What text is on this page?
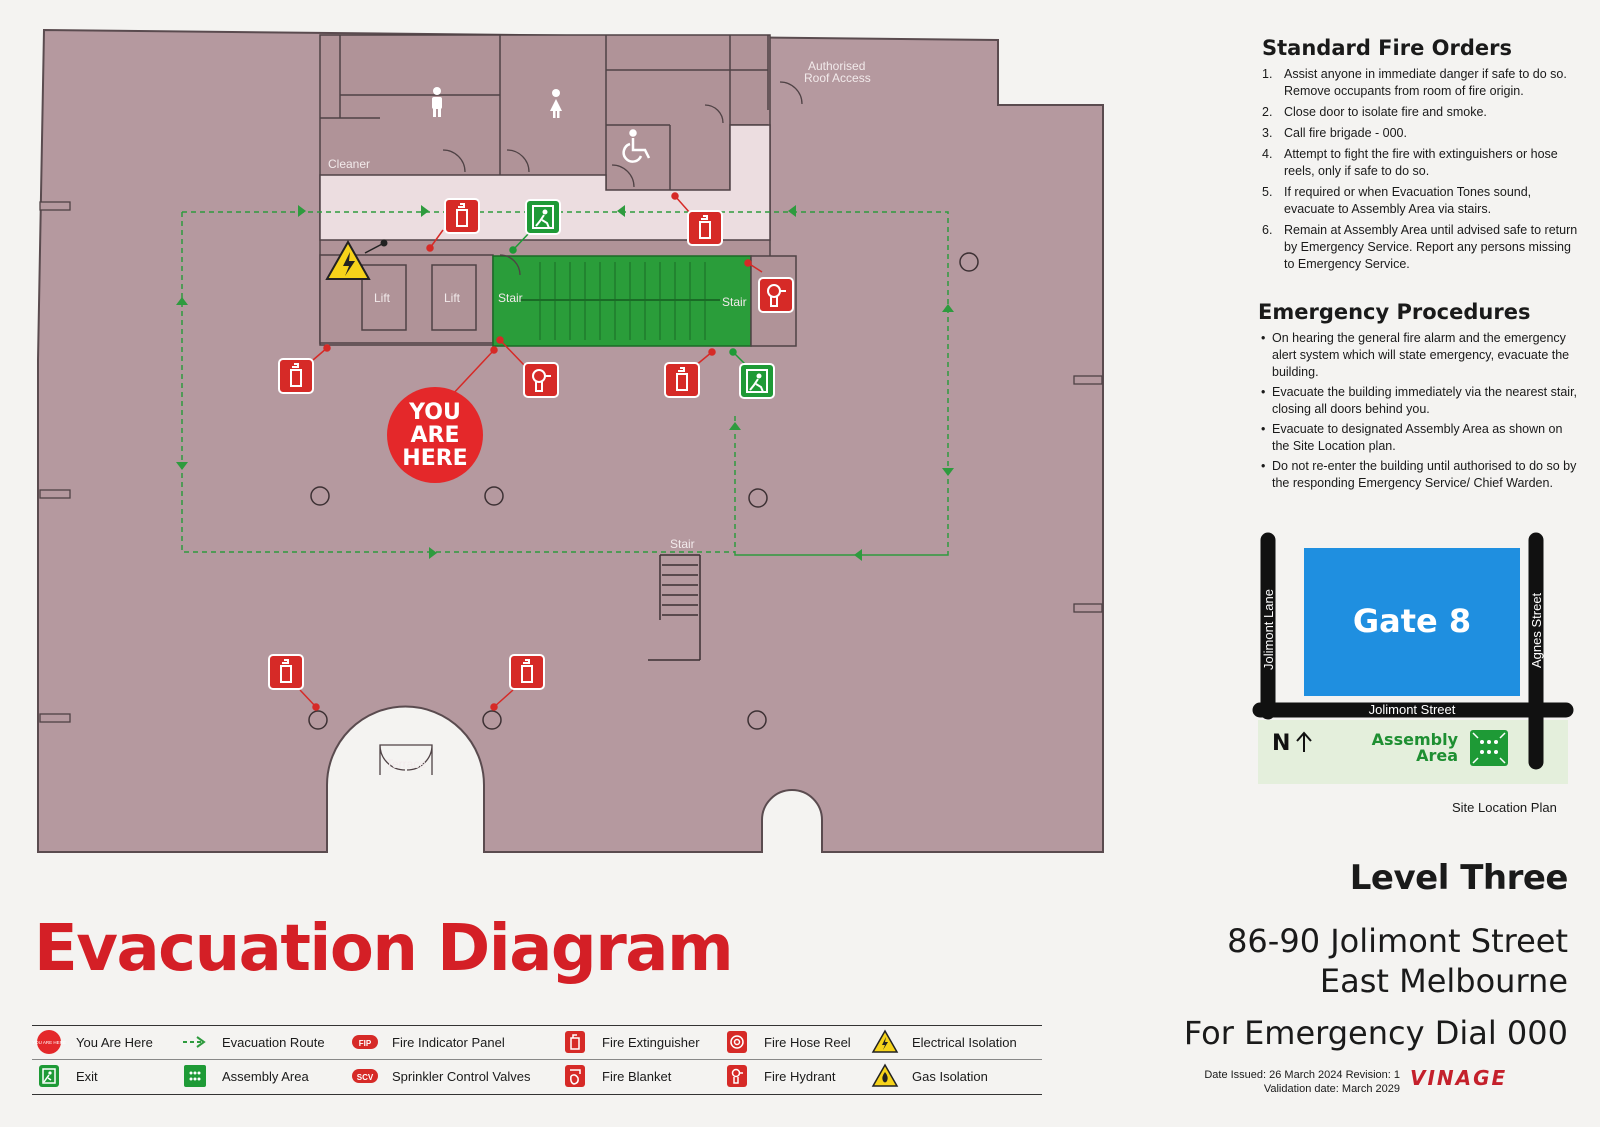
Authorised
Roof Access
Cleaner
Lift	Lift	Stair	Stair
Stair
Terrace
YOU
ARE
HERE
Standard Fire Orders
1. Assist anyone in immediate danger if safe to do so. Remove occupants from room of fire origin.
2. Close door to isolate fire and smoke.
3. Call fire brigade - 000.
4. Attempt to fight the fire with extinguishers or hose reels, only if safe to do so.
5. If required or when Evacuation Tones sound, evacuate to Assembly Area via stairs.
6. Remain at Assembly Area until advised safe to return by Emergency Service. Report any persons missing to Emergency Service.
Emergency Procedures
• On hearing the general fire alarm and the emergency alert system which will state emergency, evacuate the building.
• Evacuate the building immediately via the nearest stair, closing all doors behind you.
• Evacuate to designated Assembly Area as shown on the Site Location plan.
• Do not re-enter the building until authorised to do so by the responding Emergency Service/ Chief Warden.
Gate 8
Jolimont Lane	Agnes Street
Jolimont Street
N	Assembly
Area
Site Location Plan
Level Three
86-90 Jolimont Street
East Melbourne
For Emergency Dial 000
Date Issued: 26 March 2024 Revision: 1
Validation date: March 2029 VINAGE
Evacuation Diagram
YOU ARE HERE You Are Here	Evacuation Route	FIP Fire Indicator Panel	Fire Extinguisher	Fire Hose Reel	Electrical Isolation
Exit	Assembly Area	SCV Sprinkler Control Valves	Fire Blanket	Fire Hydrant	Gas Isolation
